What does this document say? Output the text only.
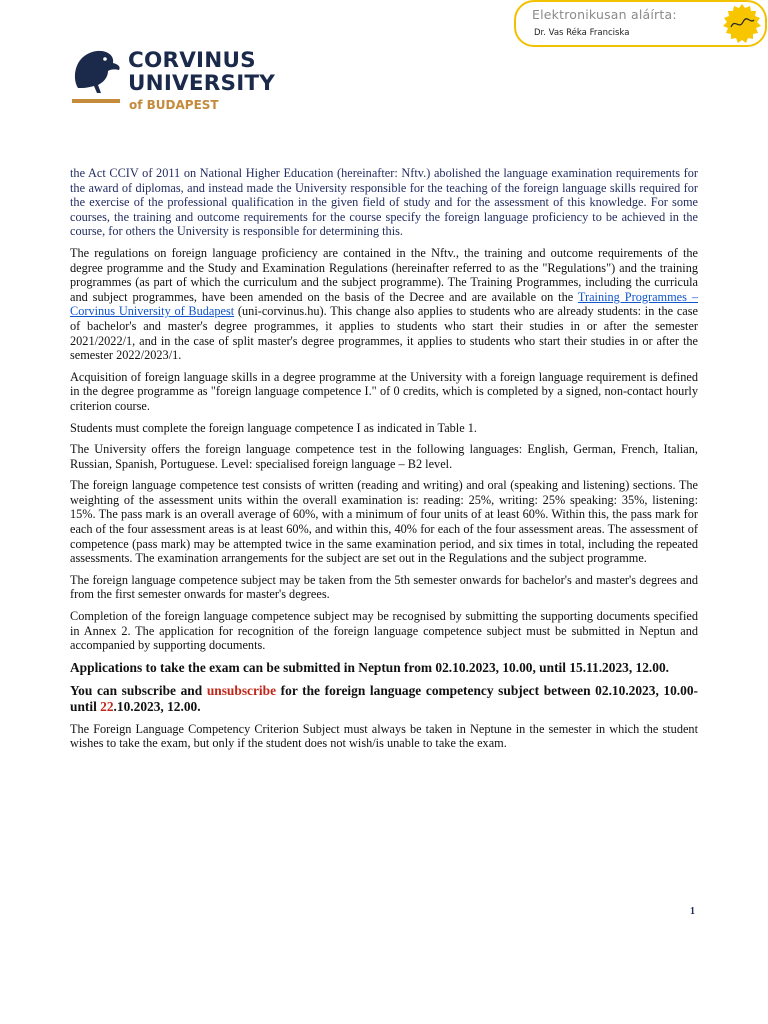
Elektronikusan aláírta:
Dr. Vas Réka Franciska
CORVINUS
UNIVERSITY
of BUDAPEST

the Act CCIV of 2011 on National Higher Education (hereinafter: Nftv.) abolished the language examination requirements for the award of diplomas, and instead made the University responsible for the teaching of the foreign language skills required for the exercise of the professional qualification in the given field of study and for the assessment of this knowledge. For some courses, the training and outcome requirements for the course specify the foreign language proficiency to be achieved in the course, for others the University is responsible for determining this.

The regulations on foreign language proficiency are contained in the Nftv., the training and outcome requirements of the degree programme and the Study and Examination Regulations (hereinafter referred to as the "Regulations") and the training programmes (as part of which the curriculum and the subject programme). The Training Programmes, including the curricula and subject programmes, have been amended on the basis of the Decree and are available on the Training Programmes – Corvinus University of Budapest (uni-corvinus.hu). This change also applies to students who are already students: in the case of bachelor's and master's degree programmes, it applies to students who start their studies in or after the semester 2021/2022/1, and in the case of split master's degree programmes, it applies to students who start their studies in or after the semester 2022/2023/1.

Acquisition of foreign language skills in a degree programme at the University with a foreign language requirement is defined in the degree programme as "foreign language competence I." of 0 credits, which is completed by a signed, non-contact hourly criterion course.

Students must complete the foreign language competence I as indicated in Table 1.

The University offers the foreign language competence test in the following languages: English, German, French, Italian, Russian, Spanish, Portuguese. Level: specialised foreign language – B2 level.

The foreign language competence test consists of written (reading and writing) and oral (speaking and listening) sections. The weighting of the assessment units within the overall examination is: reading: 25%, writing: 25% speaking: 35%, listening: 15%. The pass mark is an overall average of 60%, with a minimum of four units of at least 60%. Within this, the pass mark for each of the four assessment areas is at least 60%, and within this, 40% for each of the four assessment areas. The assessment of competence (pass mark) may be attempted twice in the same examination period, and six times in total, including the repeated assessments. The examination arrangements for the subject are set out in the Regulations and the subject programme.

The foreign language competence subject may be taken from the 5th semester onwards for bachelor's and master's degrees and from the first semester onwards for master's degrees.

Completion of the foreign language competence subject may be recognised by submitting the supporting documents specified in Annex 2. The application for recognition of the foreign language competence subject must be submitted in Neptun and accompanied by supporting documents.

Applications to take the exam can be submitted in Neptun from 02.10.2023, 10.00, until 15.11.2023, 12.00.

You can subscribe and unsubscribe for the foreign language competency subject between 02.10.2023, 10.00- until 22.10.2023, 12.00.

The Foreign Language Competency Criterion Subject must always be taken in Neptune in the semester in which the student wishes to take the exam, but only if the student does not wish/is unable to take the exam.

1
